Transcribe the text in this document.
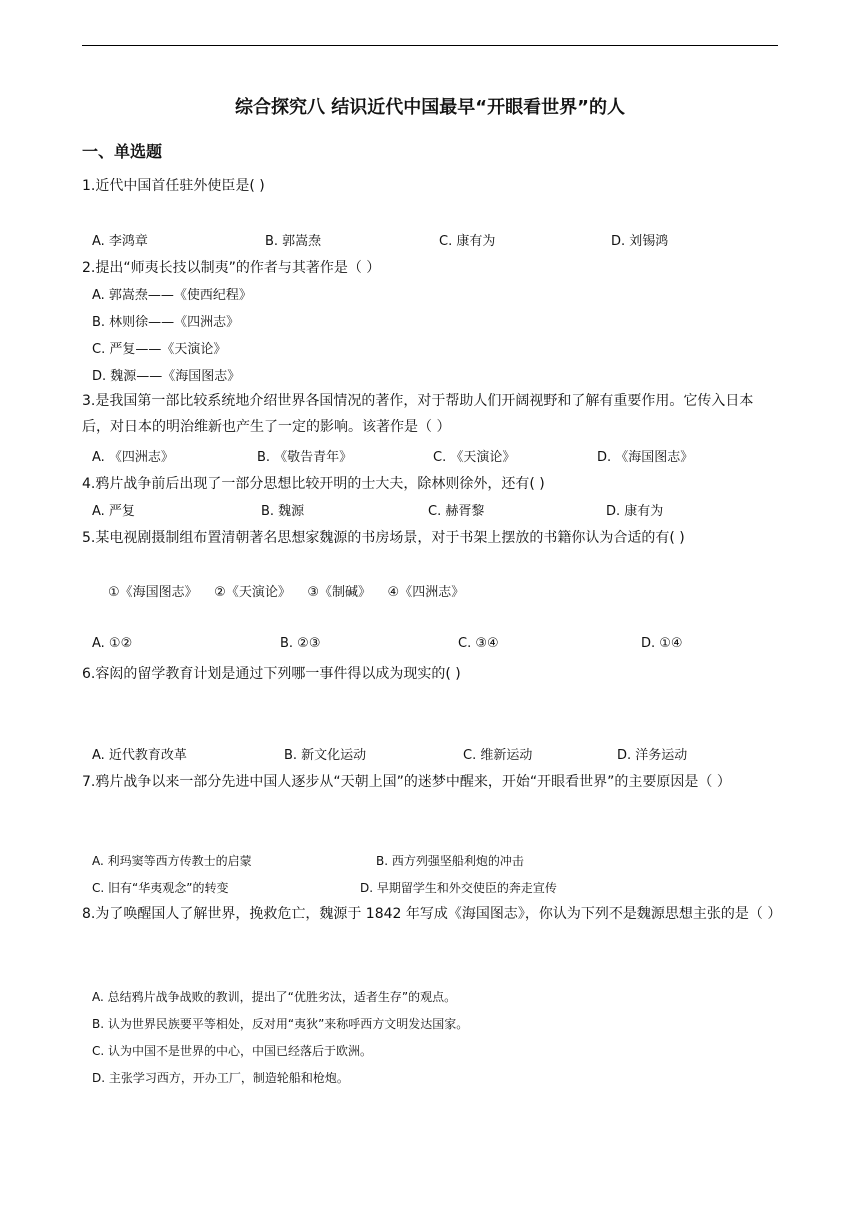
综合探究八 结识近代中国最早“开眼看世界”的人
一、单选题
1.近代中国首任驻外使臣是( )
A. 李鸿章	B. 郭嵩焘	C. 康有为	D. 刘锡鸿
2.提出“师夷长技以制夷”的作者与其著作是（ ）
A. 郭嵩焘——《使西纪程》
B. 林则徐——《四洲志》
C. 严复——《天演论》
D. 魏源——《海国图志》
3.是我国第一部比较系统地介绍世界各国情况的著作，对于帮助人们开阔视野和了解有重要作用。它传入日本后，对日本的明治维新也产生了一定的影响。该著作是（ ）
A. 《四洲志》	B. 《敬告青年》	C. 《天演论》	D. 《海国图志》
4.鸦片战争前后出现了一部分思想比较开明的士大夫，除林则徐外，还有( )
A. 严复	B. 魏源	C. 赫胥黎	D. 康有为
5.某电视剧摄制组布置清朝著名思想家魏源的书房场景，对于书架上摆放的书籍你认为合适的有( )
①《海国图志》    ②《天演论》    ③《制碱》    ④《四洲志》
A. ①②	B. ②③	C. ③④	D. ①④
6.容闳的留学教育计划是通过下列哪一事件得以成为现实的( )
A. 近代教育改革	B. 新文化运动	C. 维新运动	D. 洋务运动
7.鸦片战争以来一部分先进中国人逐步从“天朝上国”的迷梦中醒来，开始“开眼看世界”的主要原因是（ ）
A. 利玛窦等西方传教士的启蒙	B. 西方列强坚船利炮的冲击
C. 旧有“华夷观念”的转变	D. 早期留学生和外交使臣的奔走宣传
8.为了唤醒国人了解世界，挽救危亡，魏源于 1842 年写成《海国图志》，你认为下列不是魏源思想主张的是（ ）
A. 总结鸦片战争战败的教训，提出了“优胜劣汰，适者生存”的观点。
B. 认为世界民族要平等相处，反对用“夷狄”来称呼西方文明发达国家。
C. 认为中国不是世界的中心，中国已经落后于欧洲。
D. 主张学习西方，开办工厂，制造轮船和枪炮。
